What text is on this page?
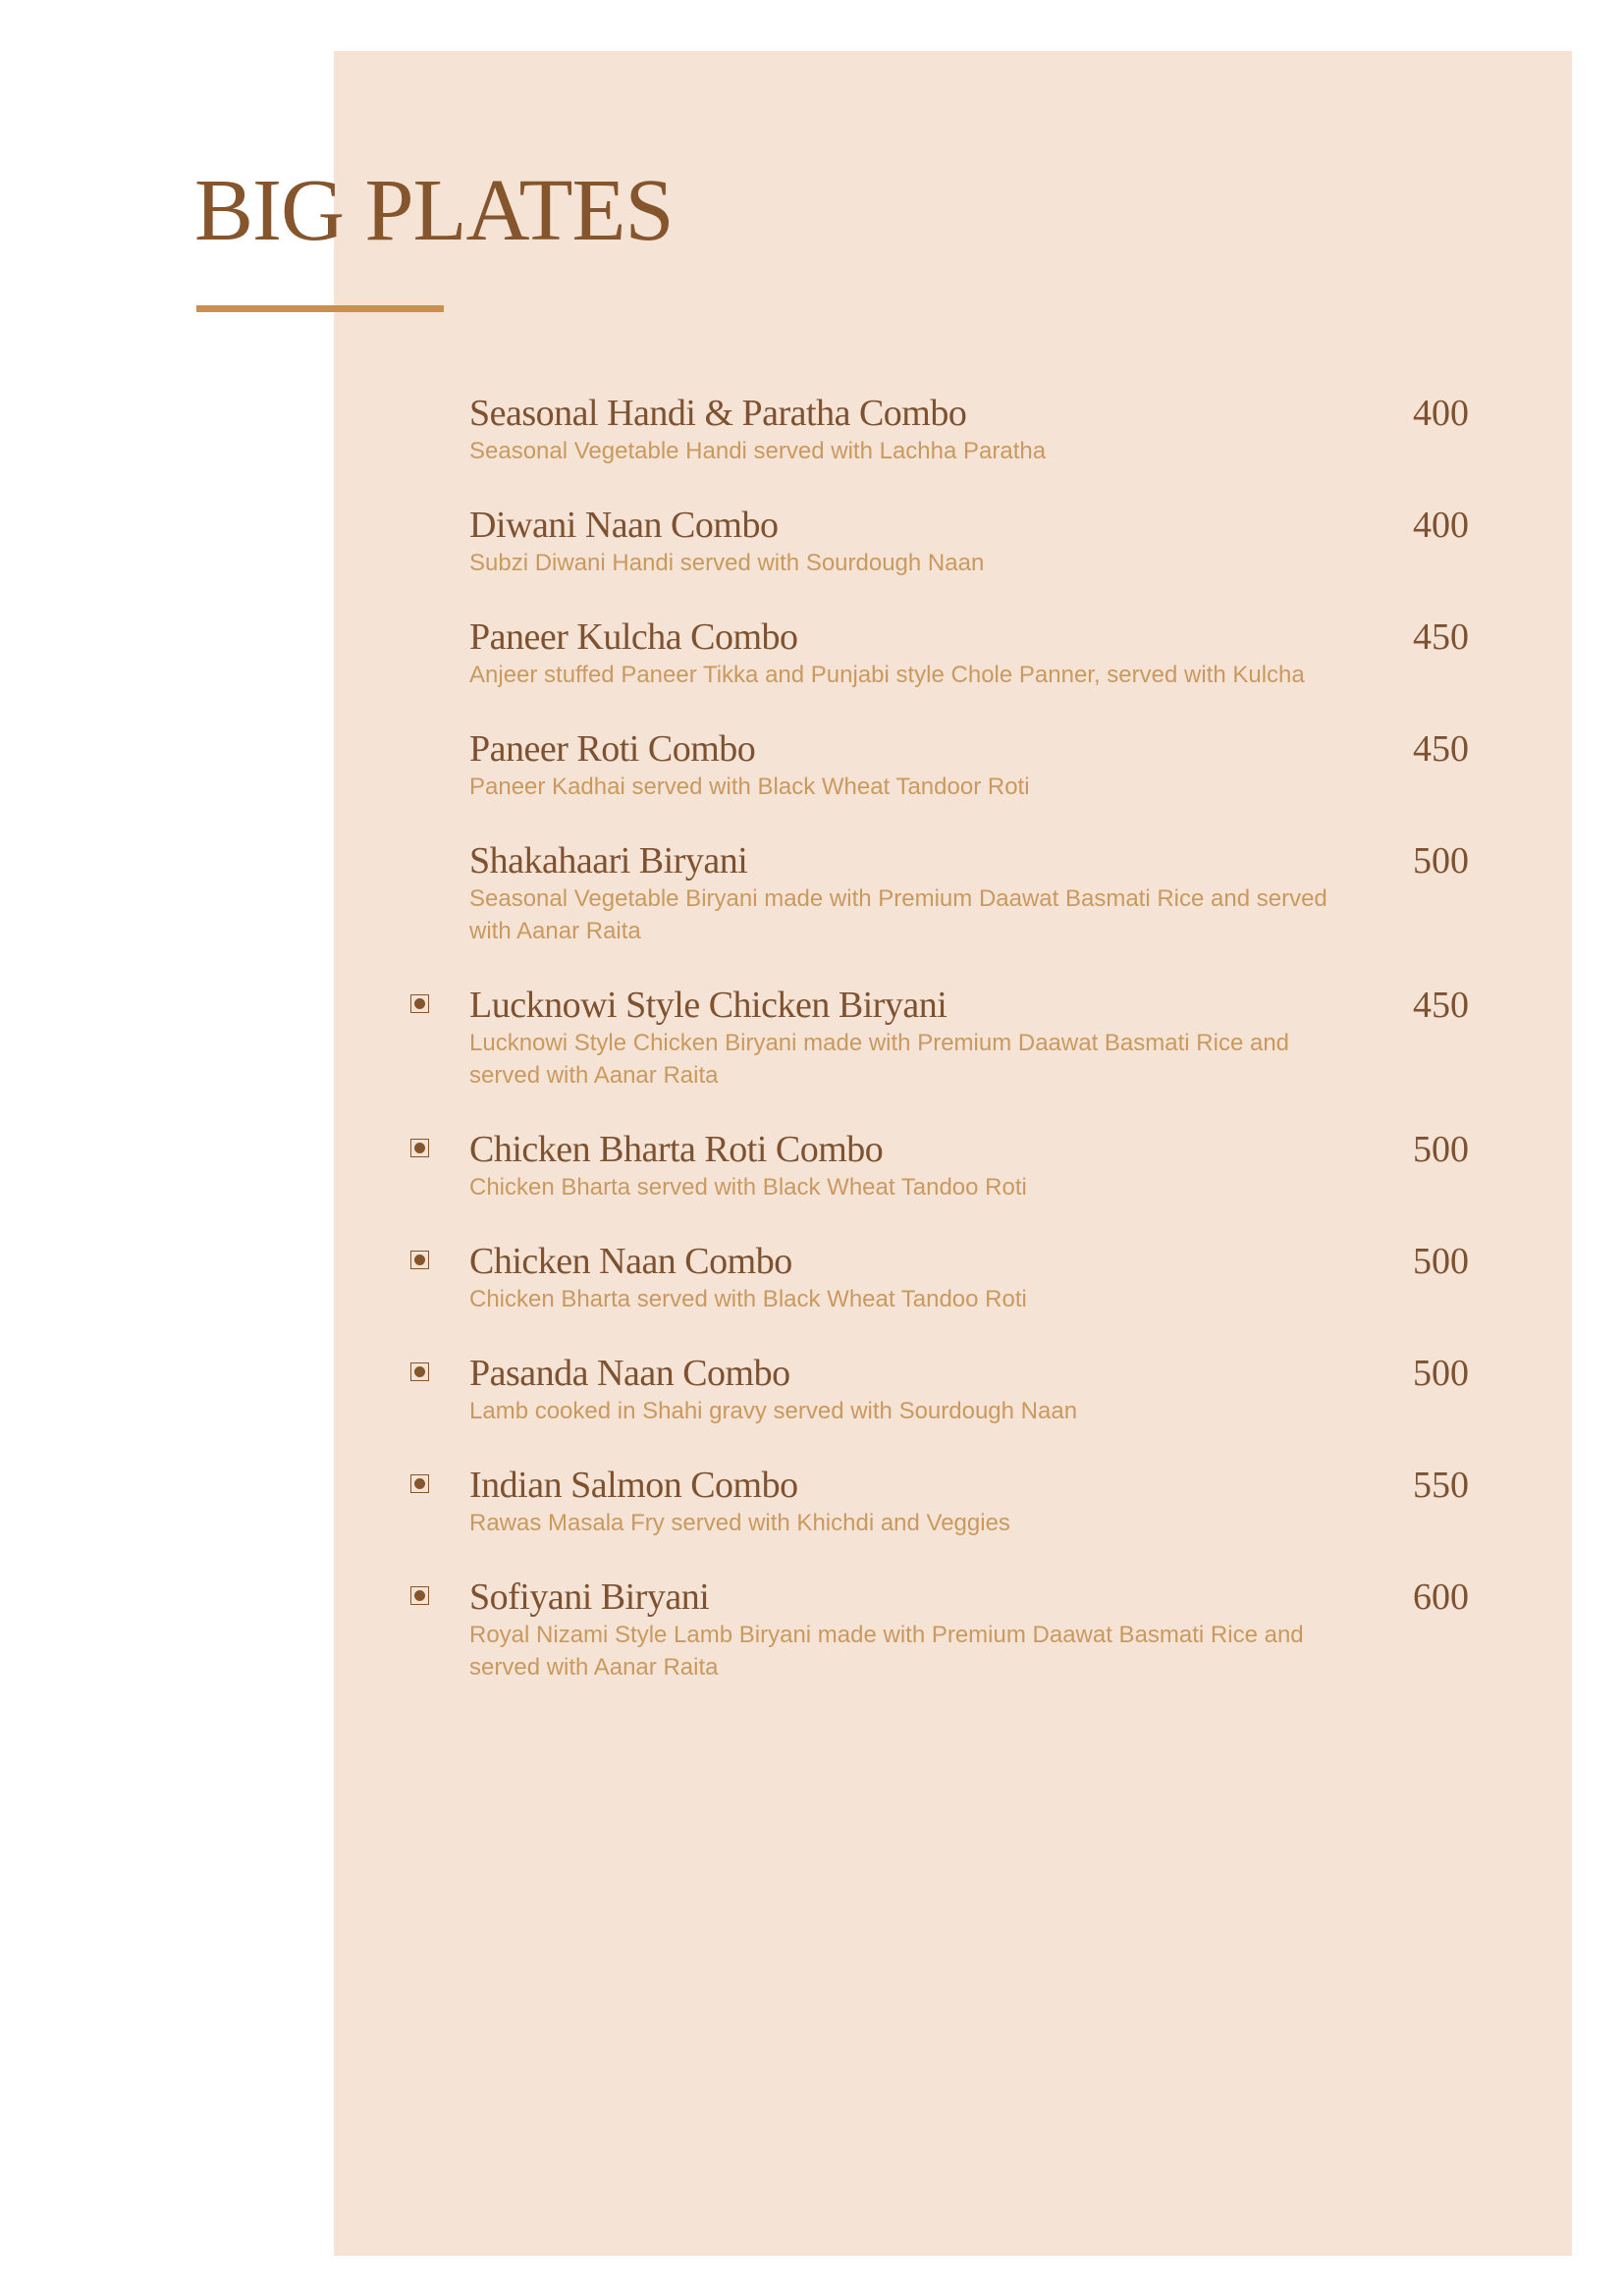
BIG PLATES
Seasonal Handi & Paratha Combo
Seasonal Vegetable Handi served with Lachha Paratha
400
Diwani Naan Combo
Subzi Diwani Handi served with Sourdough Naan
400
Paneer Kulcha Combo
Anjeer stuffed Paneer Tikka and Punjabi style Chole Panner, served with Kulcha
450
Paneer Roti Combo
Paneer Kadhai served with Black Wheat Tandoor Roti
450
Shakahaari Biryani
Seasonal Vegetable Biryani made with Premium Daawat Basmati Rice and served with Aanar Raita
500
Lucknowi Style Chicken Biryani
Lucknowi Style Chicken Biryani made with Premium Daawat Basmati Rice and served with Aanar Raita
450
Chicken Bharta Roti Combo
Chicken Bharta served with Black Wheat Tandoo Roti
500
Chicken Naan Combo
Chicken Bharta served with Black Wheat Tandoo Roti
500
Pasanda Naan Combo
Lamb cooked in Shahi gravy served with Sourdough Naan
500
Indian Salmon Combo
Rawas Masala Fry served with Khichdi and Veggies
550
Sofiyani Biryani
Royal Nizami Style Lamb Biryani made with Premium Daawat Basmati Rice and served with Aanar Raita
600
